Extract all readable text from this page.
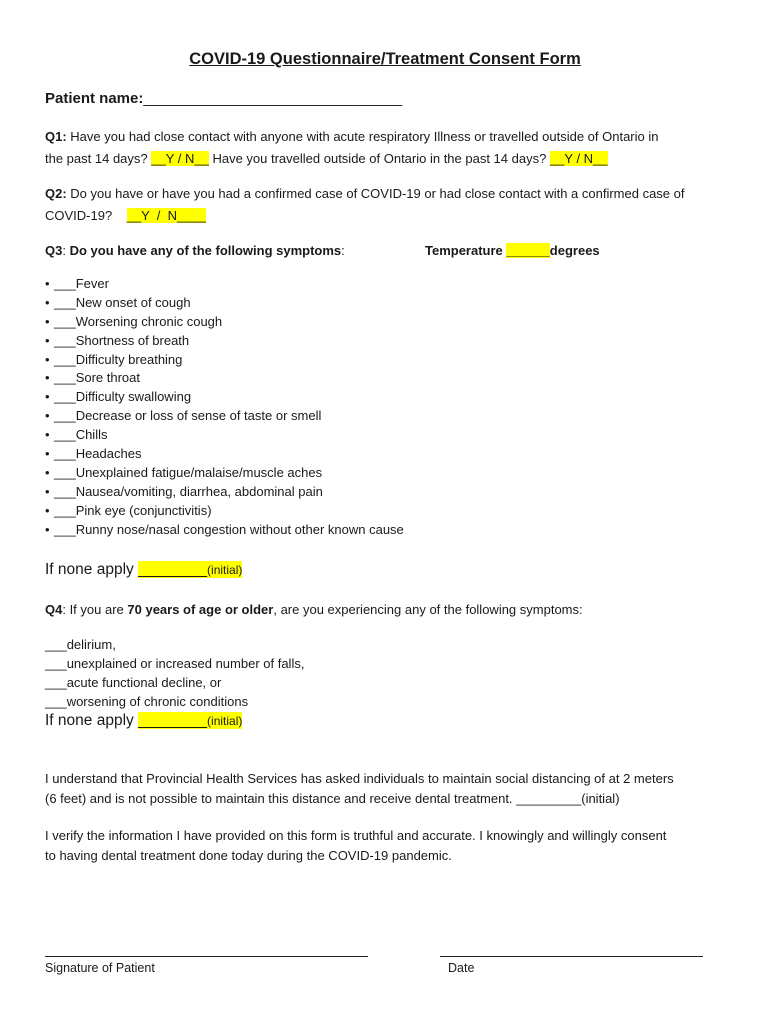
COVID-19 Questionnaire/Treatment Consent Form
Patient name:_______________________________
Q1: Have you had close contact with anyone with acute respiratory Illness or travelled outside of Ontario in
the past 14 days? __Y / N__ Have you travelled outside of Ontario in the past 14 days? __Y / N__
Q2: Do you have or have you had a confirmed case of COVID-19 or had close contact with a confirmed case of
COVID-19?    __Y  /  N____
Q3: Do you have any of the following symptoms:	Temperature ______degrees
• ___Fever
• ___New onset of cough
• ___Worsening chronic cough
• ___Shortness of breath
• ___Difficulty breathing
• ___Sore throat
• ___Difficulty swallowing
• ___Decrease or loss of sense of taste or smell
• ___Chills
• ___Headaches
• ___Unexplained fatigue/malaise/muscle aches
• ___Nausea/vomiting, diarrhea, abdominal pain
• ___Pink eye (conjunctivitis)
• ___Runny nose/nasal congestion without other known cause
If none apply ________(initial)
Q4: If you are 70 years of age or older, are you experiencing any of the following symptoms:
___delirium,
___unexplained or increased number of falls,
___acute functional decline, or
___worsening of chronic conditions
If none apply ________(initial)
I understand that Provincial Health Services has asked individuals to maintain social distancing of at 2 meters
(6 feet) and is not possible to maintain this distance and receive dental treatment. _________(initial)
I verify the information I have provided on this form is truthful and accurate. I knowingly and willingly consent
to having dental treatment done today during the COVID-19 pandemic.
Signature of Patient	Date
